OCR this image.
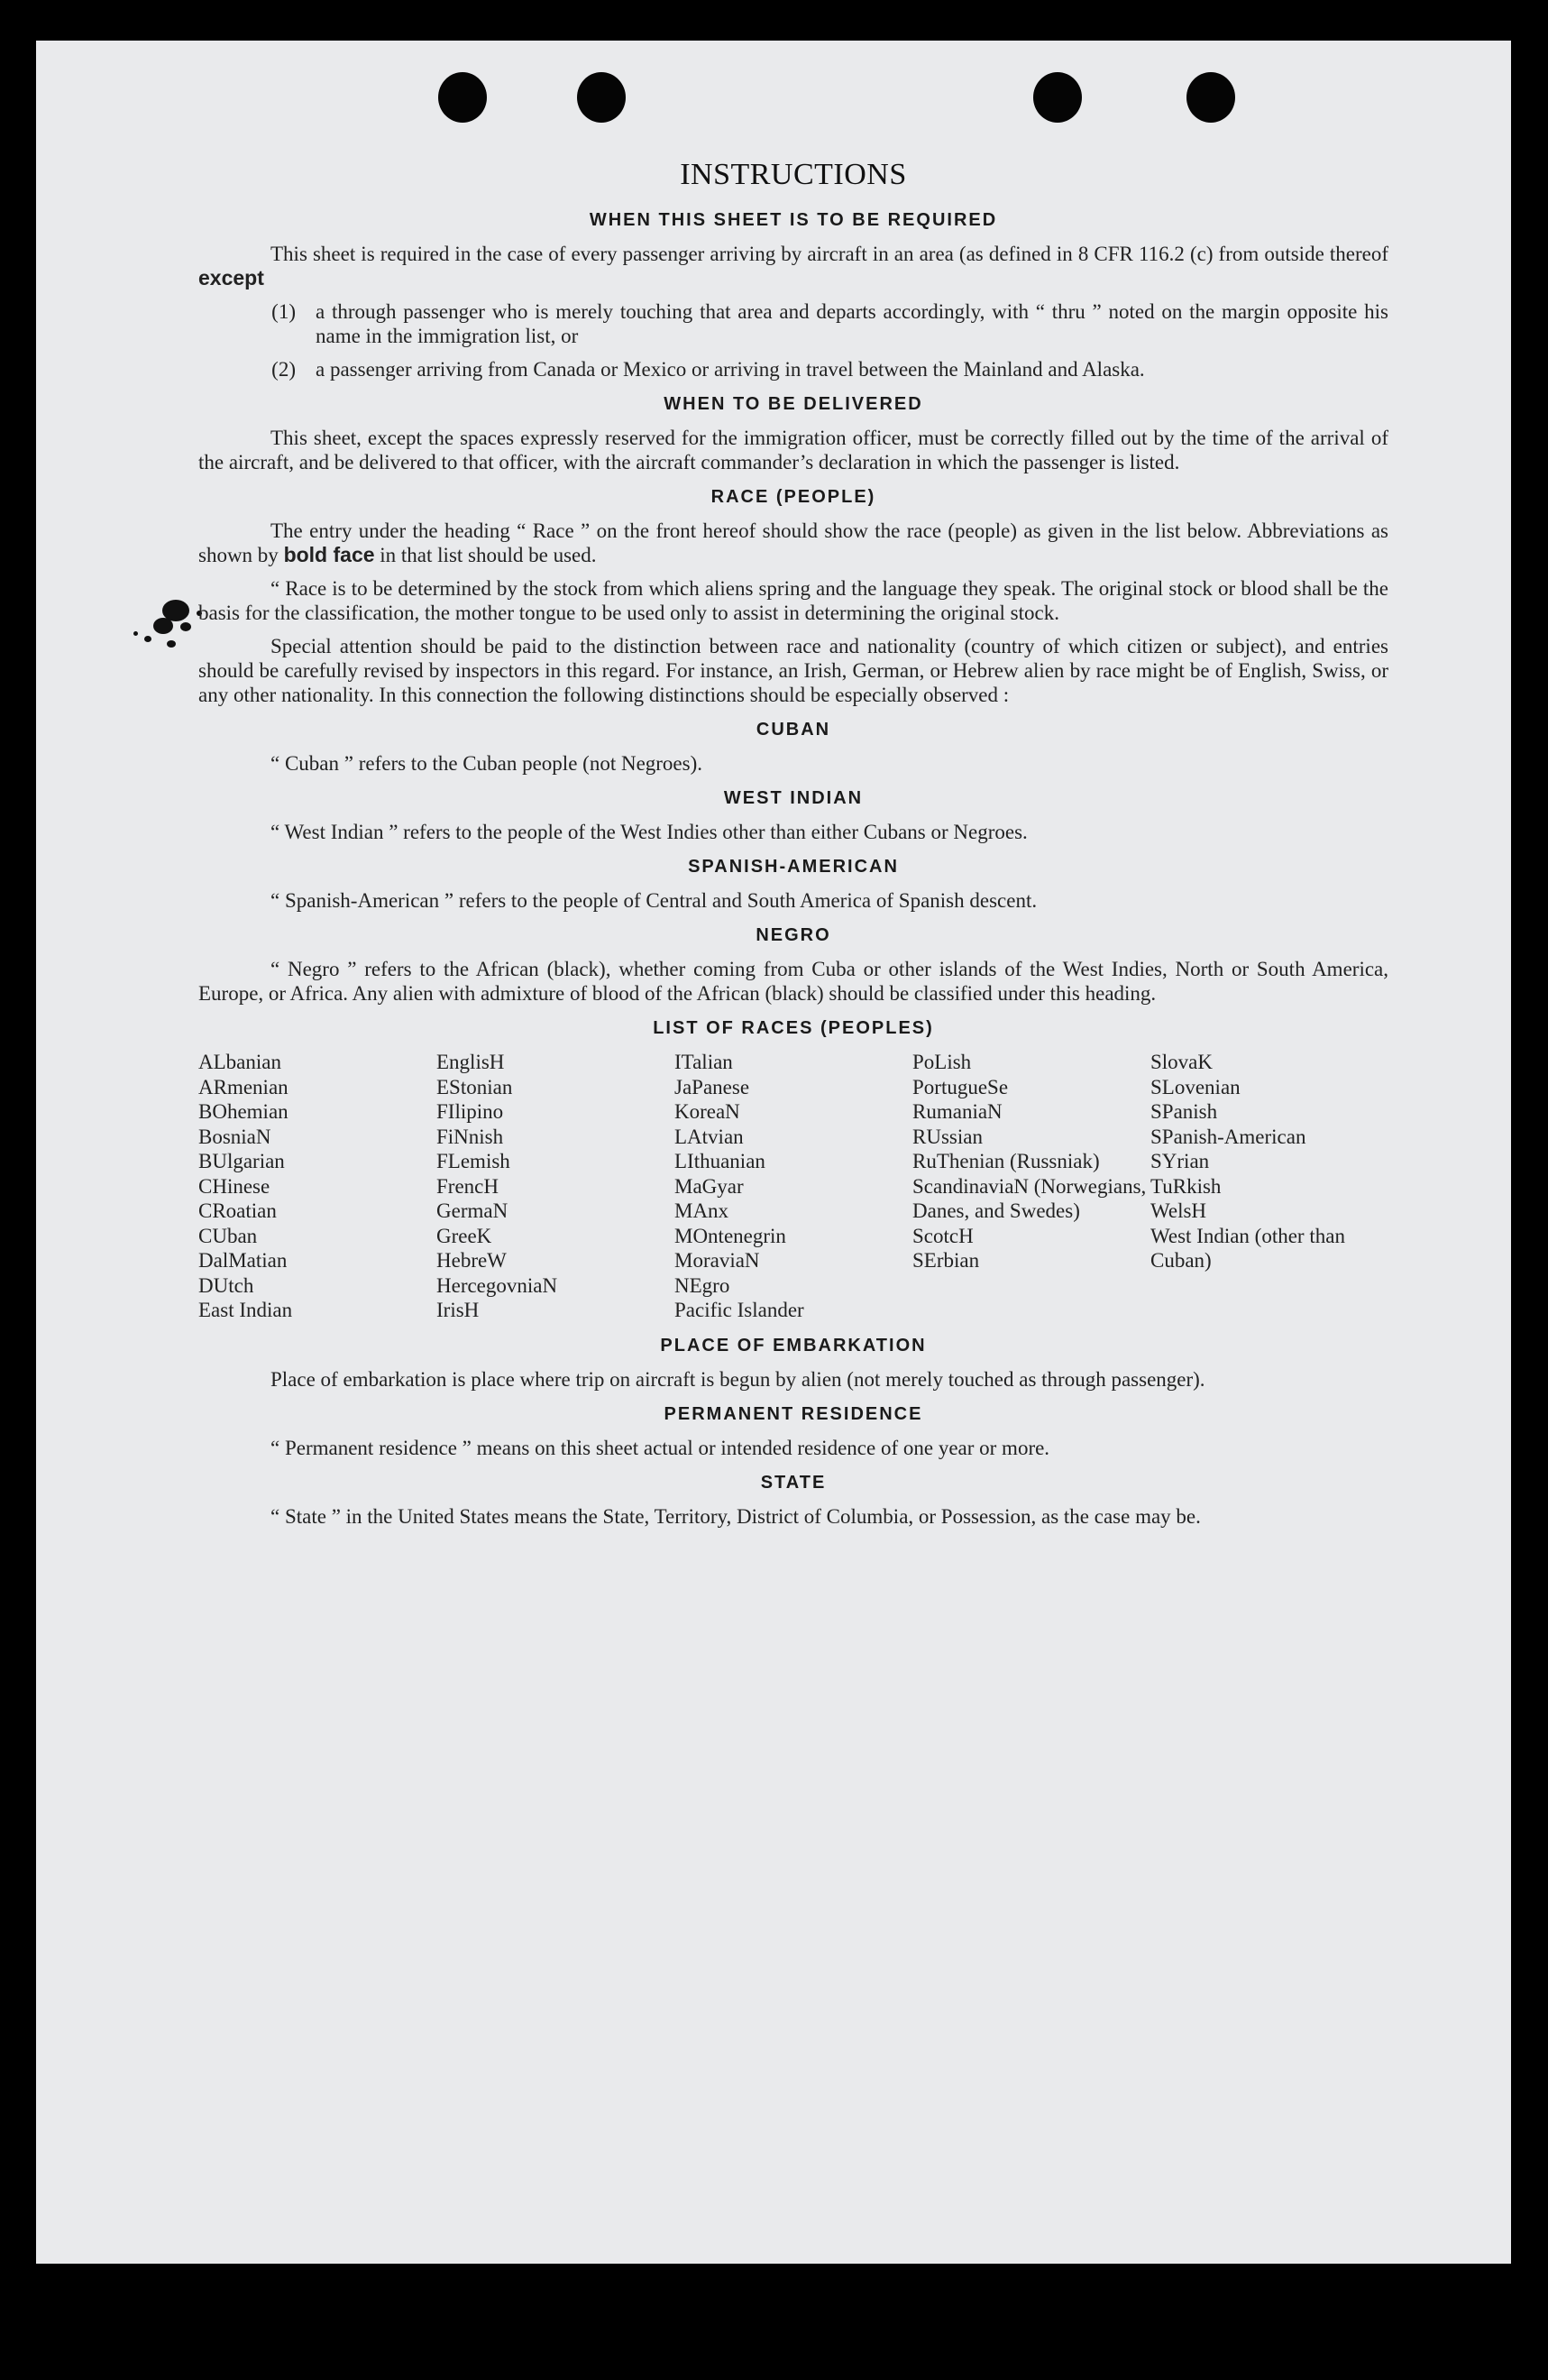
INSTRUCTIONS
WHEN THIS SHEET IS TO BE REQUIRED

This sheet is required in the case of every passenger arriving by aircraft in an area (as defined in 8 CFR 116.2 (c) from outside thereof except

(1) a through passenger who is merely touching that area and departs accordingly, with “ thru ” noted on the margin opposite his name in the immigration list, or
(2) a passenger arriving from Canada or Mexico or arriving in travel between the Mainland and Alaska.
WHEN TO BE DELIVERED

This sheet, except the spaces expressly reserved for the immigration officer, must be correctly filled out by the time of the arrival of the aircraft, and be delivered to that officer, with the aircraft commander’s declaration in which the passenger is listed.

RACE (PEOPLE)

The entry under the heading “ Race ” on the front hereof should show the race (people) as given in the list below. Abbreviations as shown by bold face in that list should be used.

“ Race is to be determined by the stock from which aliens spring and the language they speak. The original stock or blood shall be the basis for the classification, the mother tongue to be used only to assist in determining the original stock.

Special attention should be paid to the distinction between race and nationality (country of which citizen or subject), and entries should be carefully revised by inspectors in this regard. For instance, an Irish, German, or Hebrew alien by race might be of English, Swiss, or any other nationality. In this connection the following distinctions should be especially observed :

CUBAN

“ Cuban ” refers to the Cuban people (not Negroes).

WEST INDIAN

“ West Indian ” refers to the people of the West Indies other than either Cubans or Negroes.

SPANISH-AMERICAN

“ Spanish-American ” refers to the people of Central and South America of Spanish descent.

NEGRO

“ Negro ” refers to the African (black), whether coming from Cuba or other islands of the West Indies, North or South America, Europe, or Africa. Any alien with admixture of blood of the African (black) should be classified under this heading.

LIST OF RACES (PEOPLES)
ALbanian
ARmenian
BOhemian
BosniaN
BUlgarian
CHinese
CRoatian
CUban
DalMatian
DUtch
East Indian
EnglisH
EStonian
FIlipino
FiNnish
FLemish
FrencH
GermaN
GreeK
HebreW
HercegovniaN
IrisH
ITalian
JaPanese
KoreaN
LAtvian
LIthuanian
MaGyar
MAnx
MOntenegrin
MoraviaN
NEgro
Pacific Islander
PoLish
PortugueSe
RumaniaN
RUssian
RuThenian (Russniak)
ScandinaviaN (Norwegians, Danes, and Swedes)
ScotcH
SErbian
SlovaK
SLovenian
SPanish
SPanish-American
SYrian
TuRkish
WelsH
West Indian (other than Cuban)
PLACE OF EMBARKATION

Place of embarkation is place where trip on aircraft is begun by alien (not merely touched as through passenger).

PERMANENT RESIDENCE

“ Permanent residence ” means on this sheet actual or intended residence of one year or more.

STATE

“ State ” in the United States means the State, Territory, District of Columbia, or Possession, as the case may be.
